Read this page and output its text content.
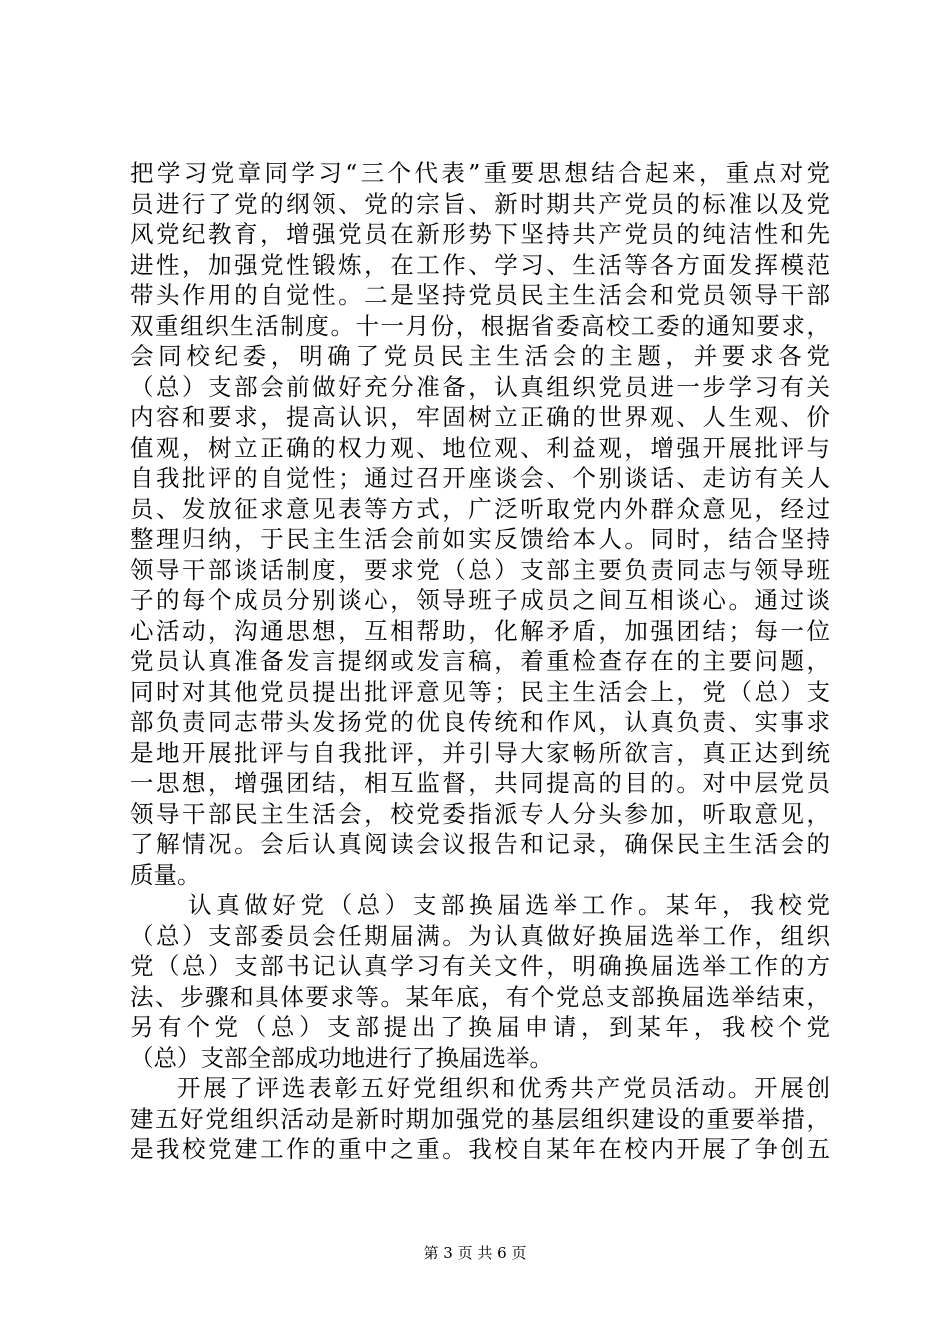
把学习党章同学习“三个代表”重要思想结合起来，重点对党
员进行了党的纲领、党的宗旨、新时期共产党员的标准以及党
风党纪教育，增强党员在新形势下坚持共产党员的纯洁性和先
进性，加强党性锻炼，在工作、学习、生活等各方面发挥模范
带头作用的自觉性。二是坚持党员民主生活会和党员领导干部
双重组织生活制度。十一月份，根据省委高校工委的通知要求，
会同校纪委，明确了党员民主生活会的主题，并要求各党
（总）支部会前做好充分准备，认真组织党员进一步学习有关
内容和要求，提高认识，牢固树立正确的世界观、人生观、价
值观，树立正确的权力观、地位观、利益观，增强开展批评与
自我批评的自觉性；通过召开座谈会、个别谈话、走访有关人
员、发放征求意见表等方式，广泛听取党内外群众意见，经过
整理归纳，于民主生活会前如实反馈给本人。同时，结合坚持
领导干部谈话制度，要求党（总）支部主要负责同志与领导班
子的每个成员分别谈心，领导班子成员之间互相谈心。通过谈
心活动，沟通思想，互相帮助，化解矛盾，加强团结；每一位
党员认真准备发言提纲或发言稿，着重检查存在的主要问题，
同时对其他党员提出批评意见等；民主生活会上，党（总）支
部负责同志带头发扬党的优良传统和作风，认真负责、实事求
是地开展批评与自我批评，并引导大家畅所欲言，真正达到统
一思想，增强团结，相互监督，共同提高的目的。对中层党员
领导干部民主生活会，校党委指派专人分头参加，听取意见，
了解情况。会后认真阅读会议报告和记录，确保民主生活会的
质量。
认真做好党（总）支部换届选举工作。某年，我校党
（总）支部委员会任期届满。为认真做好换届选举工作，组织
党（总）支部书记认真学习有关文件，明确换届选举工作的方
法、步骤和具体要求等。某年底，有个党总支部换届选举结束，
另有个党（总）支部提出了换届申请，到某年，我校个党
（总）支部全部成功地进行了换届选举。
开展了评选表彰五好党组织和优秀共产党员活动。开展创
建五好党组织活动是新时期加强党的基层组织建设的重要举措，
是我校党建工作的重中之重。我校自某年在校内开展了争创五
第 3 页 共 6 页
